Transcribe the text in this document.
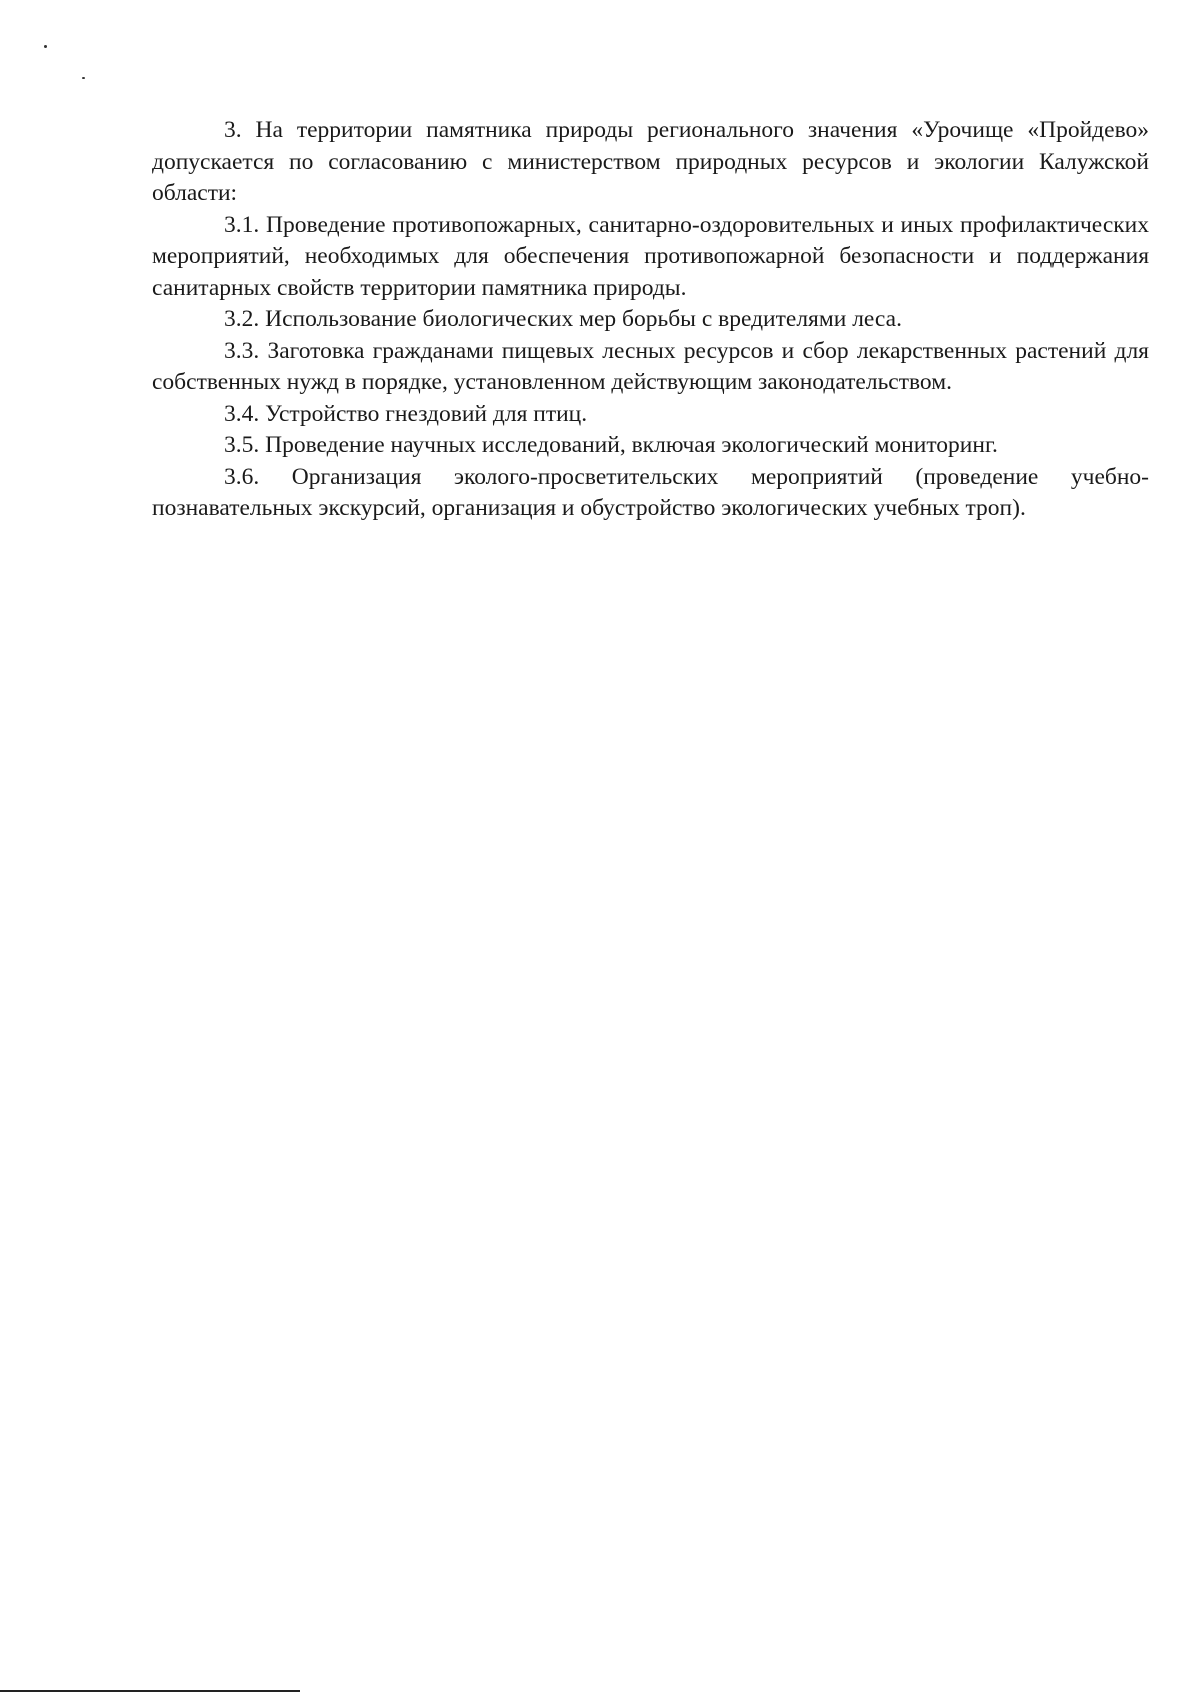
3. На территории памятника природы регионального значения «Урочище «Пройдево» допускается по согласованию с министерством природных ресурсов и экологии Калужской области:

3.1. Проведение противопожарных, санитарно-оздоровительных и иных профилактических мероприятий, необходимых для обеспечения противопожарной безопасности и поддержания санитарных свойств территории памятника природы.

3.2. Использование биологических мер борьбы с вредителями леса.

3.3. Заготовка гражданами пищевых лесных ресурсов и сбор лекарственных растений для собственных нужд в порядке, установленном действующим законодательством.

3.4. Устройство гнездовий для птиц.

3.5. Проведение научных исследований, включая экологический мониторинг.

3.6. Организация эколого-просветительских мероприятий (проведение учебно-познавательных экскурсий, организация и обустройство экологических учебных троп).
